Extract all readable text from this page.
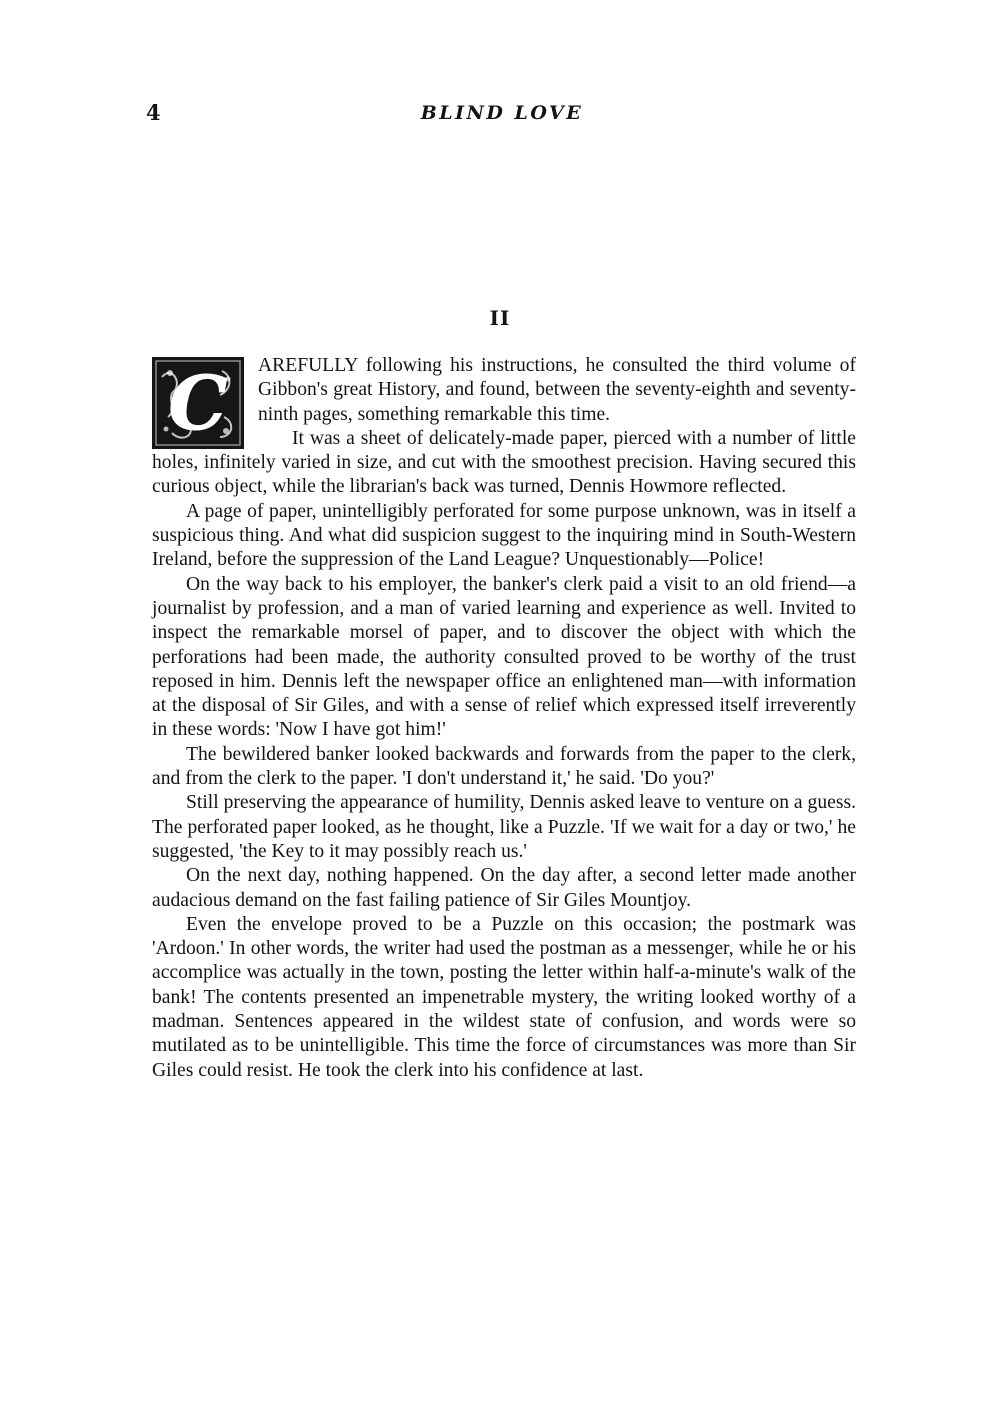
4	BLIND LOVE
II

C AREFULLY following his instructions, he consulted the third volume of Gibbon's great History, and found, between the seventy-eighth and seventy-ninth pages, something remarkable this time.

It was a sheet of delicately-made paper, pierced with a number of little holes, infinitely varied in size, and cut with the smoothest precision. Having secured this curious object, while the librarian's back was turned, Dennis Howmore reflected.

A page of paper, unintelligibly perforated for some purpose unknown, was in itself a suspicious thing. And what did suspicion suggest to the inquiring mind in South-Western Ireland, before the suppression of the Land League? Unquestionably—Police!

On the way back to his employer, the banker's clerk paid a visit to an old friend—a journalist by profession, and a man of varied learning and experience as well. Invited to inspect the remarkable morsel of paper, and to discover the object with which the perforations had been made, the authority consulted proved to be worthy of the trust reposed in him. Dennis left the newspaper office an enlightened man—with information at the disposal of Sir Giles, and with a sense of relief which expressed itself irreverently in these words: 'Now I have got him!'

The bewildered banker looked backwards and forwards from the paper to the clerk, and from the clerk to the paper. 'I don't understand it,' he said. 'Do you?'

Still preserving the appearance of humility, Dennis asked leave to venture on a guess. The perforated paper looked, as he thought, like a Puzzle. 'If we wait for a day or two,' he suggested, 'the Key to it may possibly reach us.'

On the next day, nothing happened. On the day after, a second letter made another audacious demand on the fast failing patience of Sir Giles Mountjoy.

Even the envelope proved to be a Puzzle on this occasion; the postmark was 'Ardoon.' In other words, the writer had used the postman as a messenger, while he or his accomplice was actually in the town, posting the letter within half-a-minute's walk of the bank! The contents presented an impenetrable mystery, the writing looked worthy of a madman. Sentences appeared in the wildest state of confusion, and words were so mutilated as to be unintelligible. This time the force of circumstances was more than Sir Giles could resist. He took the clerk into his confidence at last.
